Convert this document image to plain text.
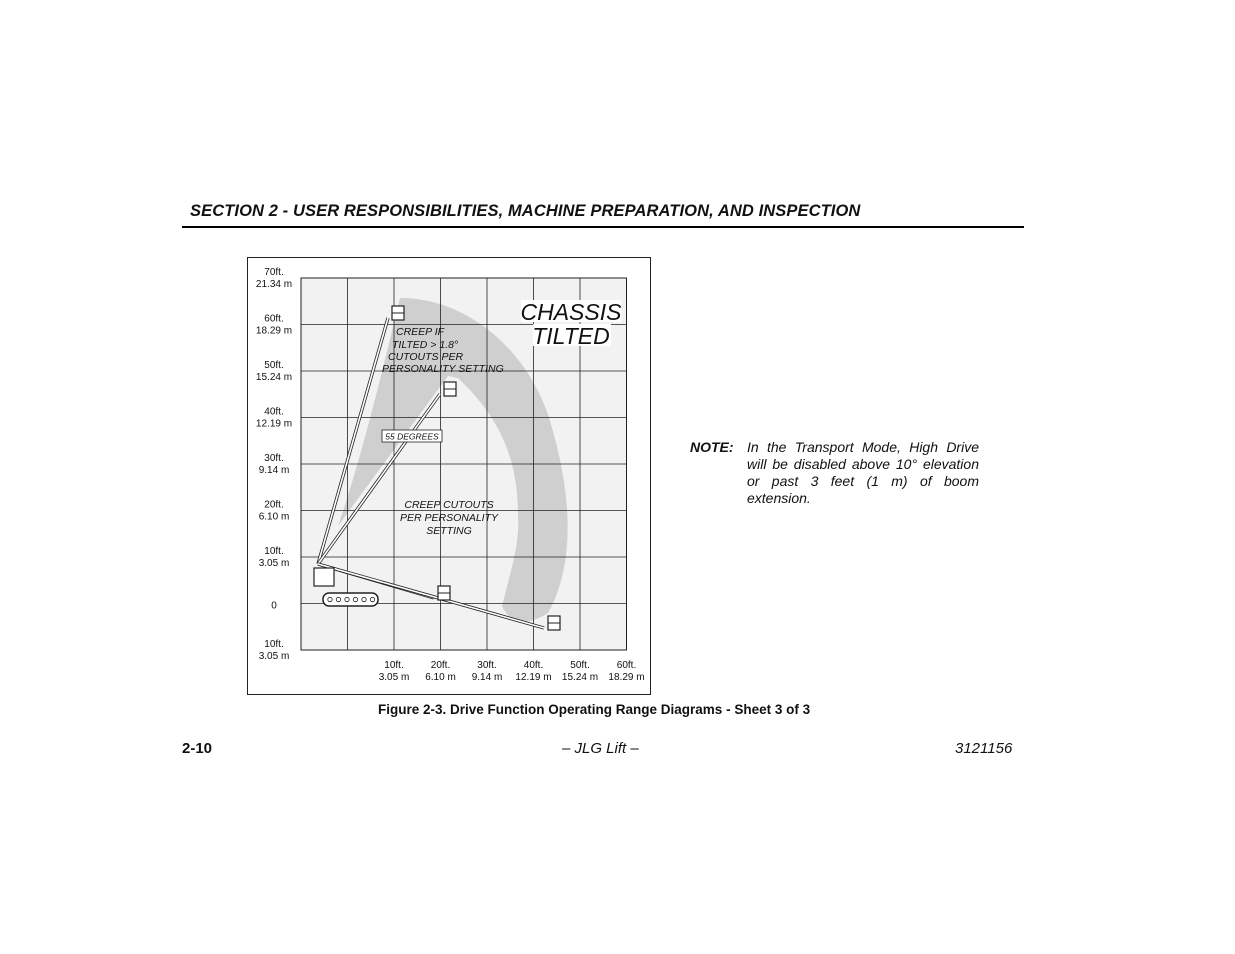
SECTION 2 - USER RESPONSIBILITIES, MACHINE PREPARATION, AND INSPECTION
70ft.
21.34 m
60ft.
18.29 m
50ft.
15.24 m
40ft.
12.19 m
30ft.
9.14 m
20ft.
6.10 m
10ft.
3.05 m
0
10ft.
3.05 m
10ft.
3.05 m
20ft.
6.10 m
30ft.
9.14 m
40ft.
12.19 m
50ft.
15.24 m
60ft.
18.29 m
CHASSIS
TILTED
CREEP IF
TILTED > 1.8°
CUTOUTS PER
PERSONALITY SETTING
55 DEGREES
CREEP CUTOUTS
PER PERSONALITY
SETTING
Figure 2-3. Drive Function Operating Range Diagrams - Sheet 3 of 3
NOTE: In the Transport Mode, High Drive will be disabled above 10° elevation or past 3 feet (1 m) of boom extension.
2-10	– JLG Lift –	3121156
